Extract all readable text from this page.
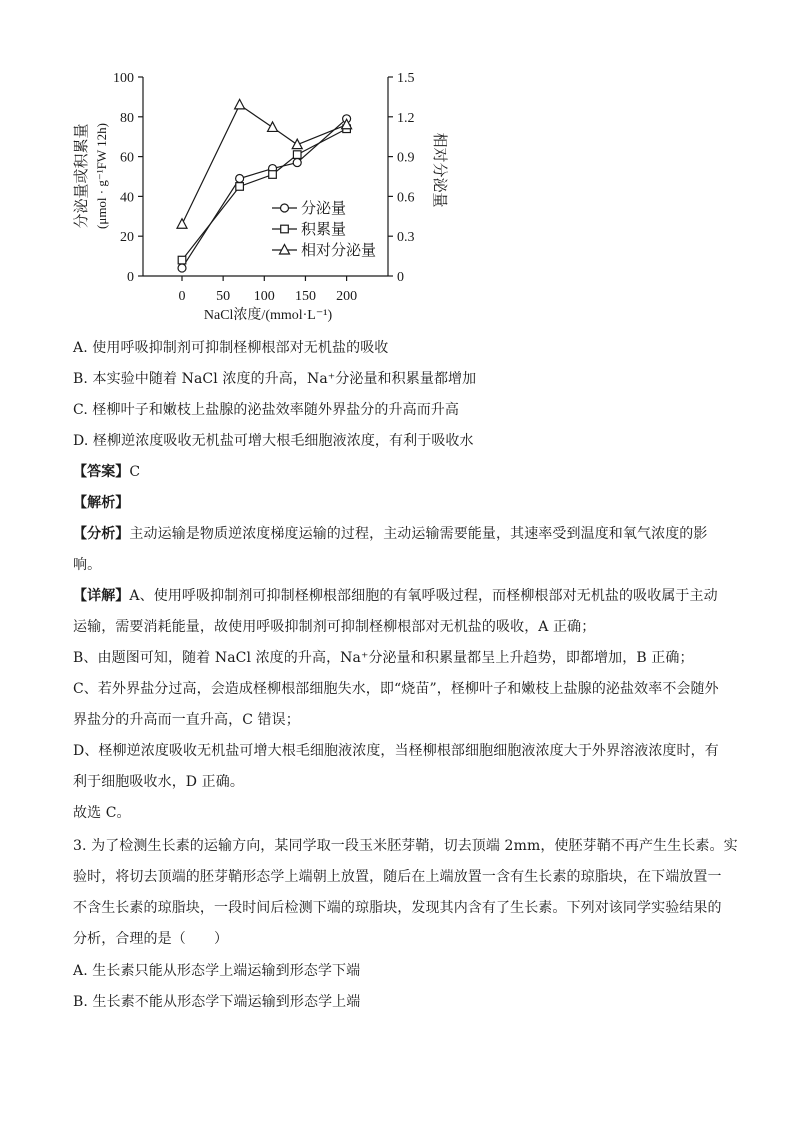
0
20
40
60
80
100
0
0.3
0.6
0.9
1.2
1.5
0 50 100 150 200
分泌量
积累量
相对分泌量
分泌量或积累量 (μmol · g⁻¹FW 12h)	相对分泌量
NaCl浓度/(mmol·L⁻¹)
A. 使用呼吸抑制剂可抑制柽柳根部对无机盐的吸收
B. 本实验中随着 NaCl 浓度的升高，Na⁺分泌量和积累量都增加
C. 柽柳叶子和嫩枝上盐腺的泌盐效率随外界盐分的升高而升高
D. 柽柳逆浓度吸收无机盐可增大根毛细胞液浓度，有利于吸收水
【答案】C
【解析】
【分析】主动运输是物质逆浓度梯度运输的过程，主动运输需要能量，其速率受到温度和氧气浓度的影
响。
【详解】A、使用呼吸抑制剂可抑制柽柳根部细胞的有氧呼吸过程，而柽柳根部对无机盐的吸收属于主动
运输，需要消耗能量，故使用呼吸抑制剂可抑制柽柳根部对无机盐的吸收，A 正确；
B、由题图可知，随着 NaCl 浓度的升高，Na⁺分泌量和积累量都呈上升趋势，即都增加，B 正确；
C、若外界盐分过高，会造成柽柳根部细胞失水，即“烧苗”，柽柳叶子和嫩枝上盐腺的泌盐效率不会随外
界盐分的升高而一直升高，C 错误；
D、柽柳逆浓度吸收无机盐可增大根毛细胞液浓度，当柽柳根部细胞细胞液浓度大于外界溶液浓度时，有
利于细胞吸收水，D 正确。
故选 C。
3. 为了检测生长素的运输方向，某同学取一段玉米胚芽鞘，切去顶端 2mm，使胚芽鞘不再产生生长素。实
验时，将切去顶端的胚芽鞘形态学上端朝上放置，随后在上端放置一含有生长素的琼脂块，在下端放置一
不含生长素的琼脂块，一段时间后检测下端的琼脂块，发现其内含有了生长素。下列对该同学实验结果的
分析，合理的是（　　）
A. 生长素只能从形态学上端运输到形态学下端
B. 生长素不能从形态学下端运输到形态学上端
